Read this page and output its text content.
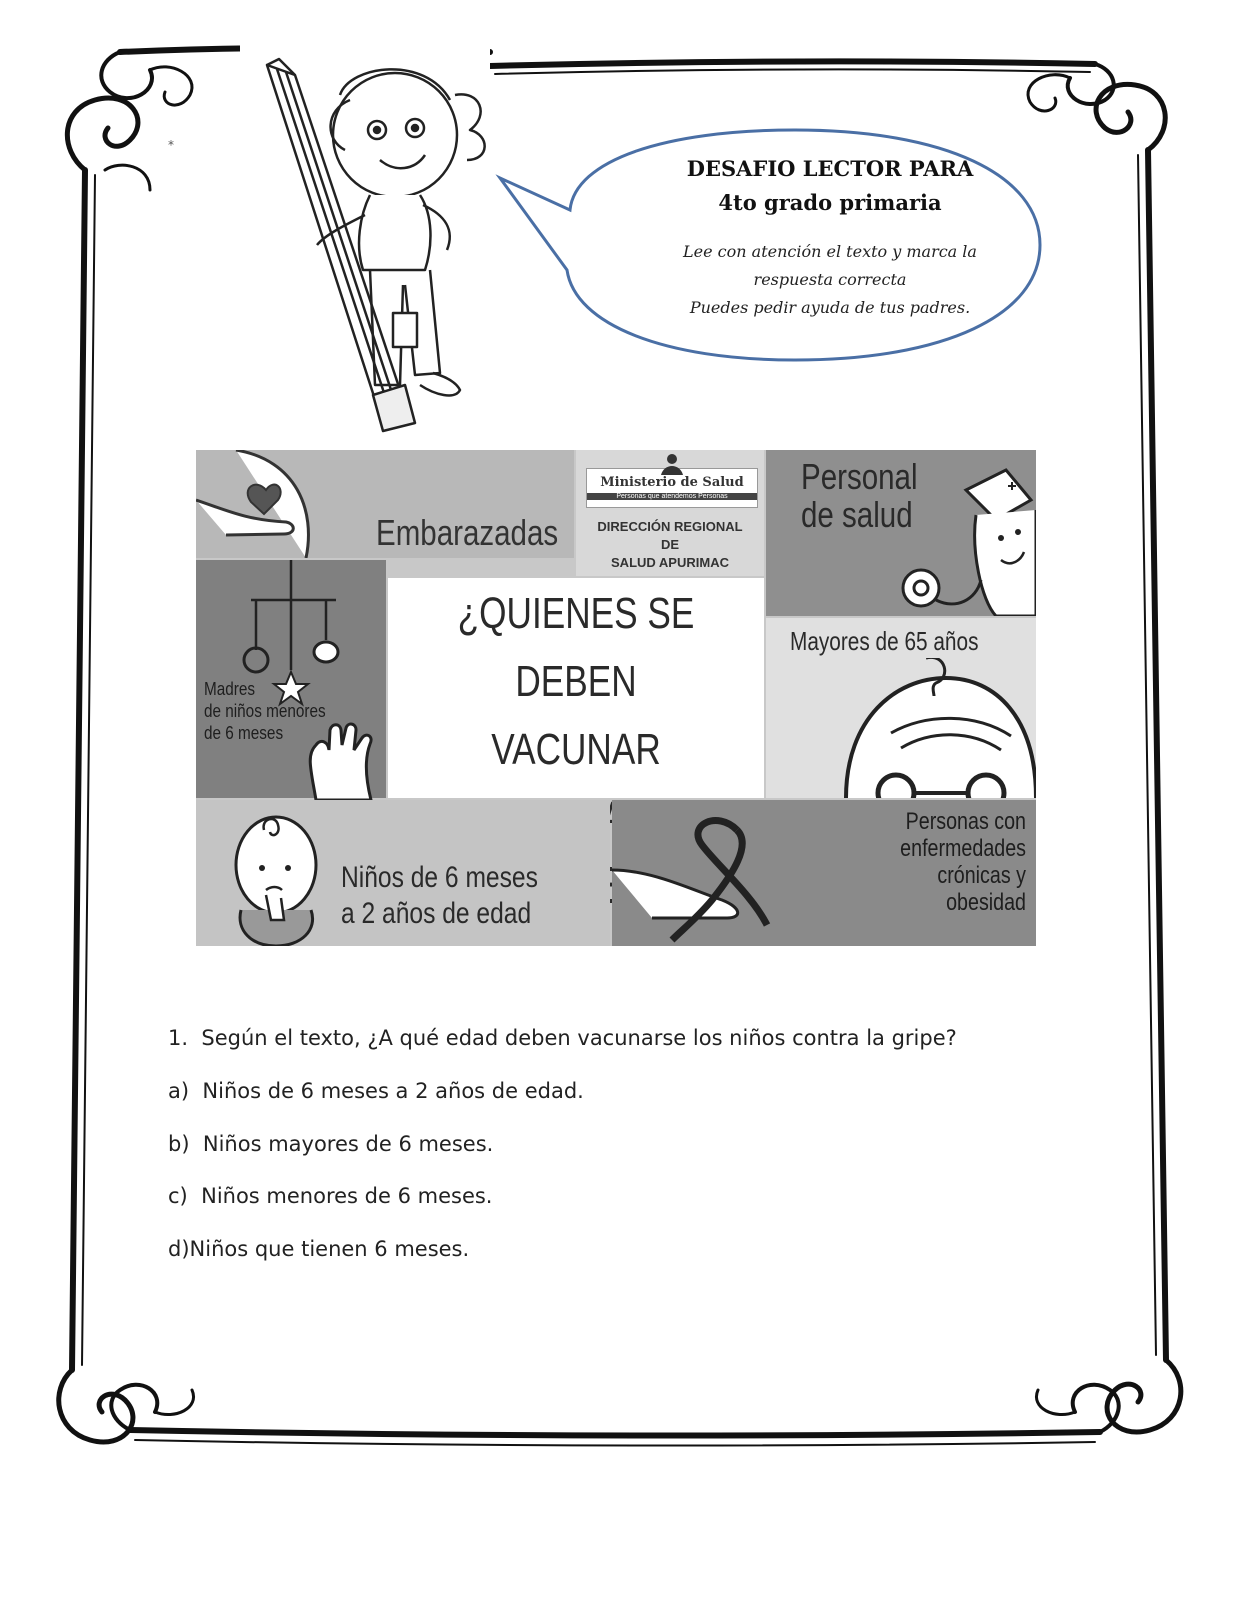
*
DESAFIO LECTOR PARA
4to grado primaria
Lee con atención el texto y marca la
respuesta correcta
Puedes pedir ayuda de tus padres.
Embarazadas
Ministerio de Salud
Personas que atendemos Personas
DIRECCIÓN REGIONAL
DE
SALUD APURIMAC
Personal
de salud
Madres
de niños menores
de 6 meses
¿QUIENES SE DEBEN
VACUNAR
Mayores de 65 años
Niños de 6 meses
a 2 años de edad
Personas con enfermedades
crónicas y
obesidad
1. Según el texto, ¿A qué edad deben vacunarse los niños contra la gripe?
a) Niños de 6 meses a 2 años de edad.
b) Niños mayores de 6 meses.
c) Niños menores de 6 meses.
d)Niños que tienen 6 meses.
